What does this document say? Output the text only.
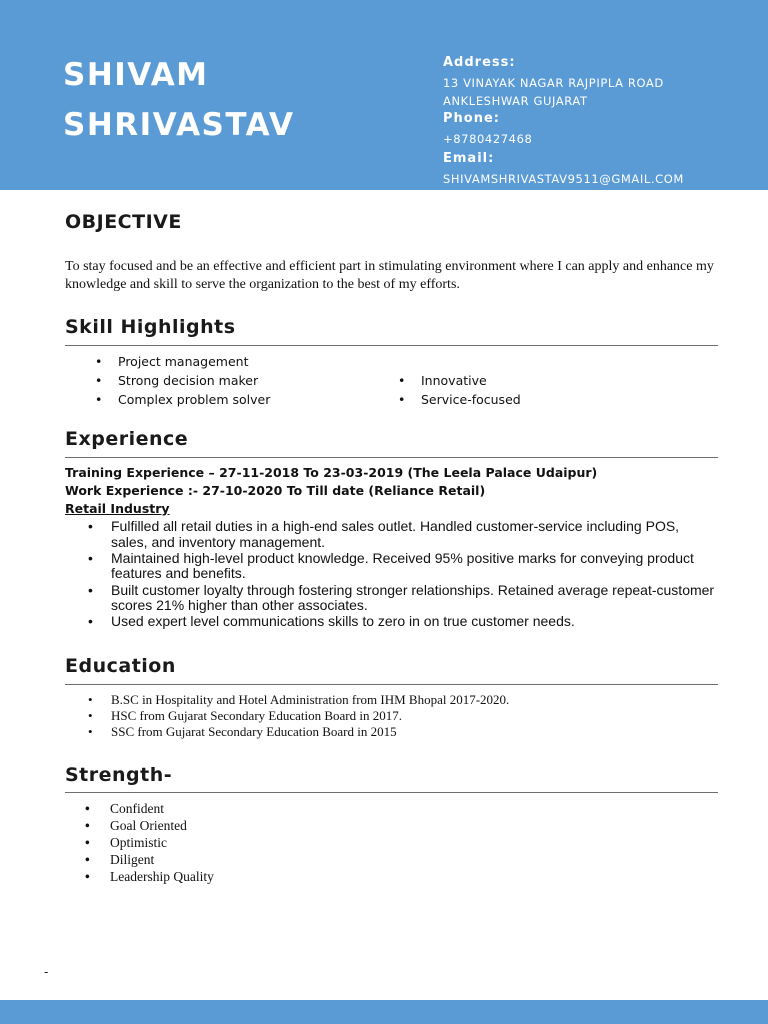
SHIVAM
SHRIVASTAV
Address:
13 VINAYAK NAGAR RAJPIPLA ROAD
ANKLESHWAR GUJARAT
Phone:
+8780427468
Email:
SHIVAMSHRIVASTAV9511@GMAIL.COM
OBJECTIVE
To stay focused and be an effective and efficient part in stimulating environment where I can apply and enhance my knowledge and skill to serve the organization to the best of my efforts.
Skill Highlights
• Project management
• Strong decision maker
• Complex problem solver
• Innovative
• Service-focused
Experience
Training Experience – 27-11-2018 To 23-03-2019 (The Leela Palace Udaipur)
Work Experience :- 27-10-2020 To Till date (Reliance Retail)
Retail Industry
• Fulfilled all retail duties in a high-end sales outlet. Handled customer-service including POS, sales, and inventory management.
• Maintained high-level product knowledge. Received 95% positive marks for conveying product features and benefits.
• Built customer loyalty through fostering stronger relationships. Retained average repeat-customer scores 21% higher than other associates.
• Used expert level communications skills to zero in on true customer needs.
Education
• B.SC in Hospitality and Hotel Administration from IHM Bhopal 2017-2020.
• HSC from Gujarat Secondary Education Board in 2017.
• SSC from Gujarat Secondary Education Board in 2015
Strength-
• Confident
• Goal Oriented
• Optimistic
• Diligent
• Leadership Quality
-
